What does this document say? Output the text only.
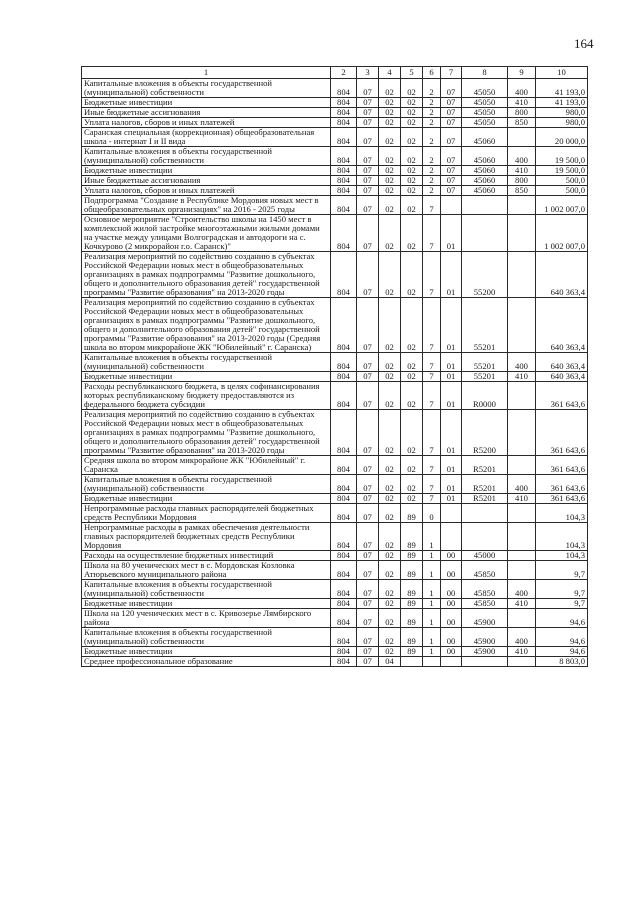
164
1	2	3	4	5	6	7	8	9	10
Капитальные вложения в объекты государственной (муниципальной) собственности	804	07	02	02	2	07	45050	400	41 193,0
Бюджетные инвестиции	804	07	02	02	2	07	45050	410	41 193,0
Иные бюджетные ассигнования	804	07	02	02	2	07	45050	800	980,0
Уплата налогов, сборов и иных платежей	804	07	02	02	2	07	45050	850	980,0
Саранская специальная (коррекционная) общеобразовательная школа - интернат I и II вида	804	07	02	02	2	07	45060		20 000,0
Капитальные вложения в объекты государственной (муниципальной) собственности	804	07	02	02	2	07	45060	400	19 500,0
Бюджетные инвестиции	804	07	02	02	2	07	45060	410	19 500,0
Иные бюджетные ассигнования	804	07	02	02	2	07	45060	800	500,0
Уплата налогов, сборов и иных платежей	804	07	02	02	2	07	45060	850	500,0
Подпрограмма "Создание в Республике Мордовия новых мест в общеобразовательных организациях" на 2016 - 2025 годы	804	07	02	02	7				1 002 007,0
Основное мероприятие "Строительство школы на 1450 мест в комплексной жилой застройке многоэтажными жилыми домами на участке между улицами Волгоградская и автодороги на с. Кочкурово (2 микрорайон г.о. Саранск)"	804	07	02	02	7	01			1 002 007,0
Реализация мероприятий по содействию созданию в субъектах Российской Федерации новых мест в общеобразовательных организациях в рамках подпрограммы "Развитие дошкольного, общего и дополнительного образования детей" государственной программы "Развитие образования" на 2013-2020 годы	804	07	02	02	7	01	55200		640 363,4
Реализация мероприятий по содействию созданию в субъектах Российской Федерации новых мест в общеобразовательных организациях в рамках подпрограммы "Развитие дошкольного, общего и дополнительного образования детей" государственной программы "Развитие образования" на 2013-2020 годы (Средняя школа во втором микрорайоне ЖК "Юбилейный" г. Саранска)	804	07	02	02	7	01	55201		640 363,4
Капитальные вложения в объекты государственной (муниципальной) собственности	804	07	02	02	7	01	55201	400	640 363,4
Бюджетные инвестиции	804	07	02	02	7	01	55201	410	640 363,4
Расходы республиканского бюджета, в целях софинансирования которых республиканскому бюджету предоставляются из федерального бюджета субсидии	804	07	02	02	7	01	R0000		361 643,6
Реализация мероприятий по содействию созданию в субъектах Российской Федерации новых мест в общеобразовательных организациях в рамках подпрограммы "Развитие дошкольного, общего и дополнительного образования детей" государственной программы "Развитие образования" на 2013-2020 годы	804	07	02	02	7	01	R5200		361 643,6
Средняя школа во втором микрорайоне ЖК "Юбилейный" г. Саранска	804	07	02	02	7	01	R5201		361 643,6
Капитальные вложения в объекты государственной (муниципальной) собственности	804	07	02	02	7	01	R5201	400	361 643,6
Бюджетные инвестиции	804	07	02	02	7	01	R5201	410	361 643,6
Непрограммные расходы главных распорядителей бюджетных средств Республики Мордовия	804	07	02	89	0				104,3
Непрограммные расходы в рамках обеспечения деятельности главных распорядителей бюджетных средств Республики Мордовия	804	07	02	89	1				104,3
Расходы на осуществление бюджетных инвестиций	804	07	02	89	1	00	45000		104,3
Школа на 80 ученических мест в с. Мордовская Козловка Атюрьевского муниципального района	804	07	02	89	1	00	45850		9,7
Капитальные вложения в объекты государственной (муниципальной) собственности	804	07	02	89	1	00	45850	400	9,7
Бюджетные инвестиции	804	07	02	89	1	00	45850	410	9,7
Школа на 120 ученических мест в с. Кривозерье Лямбирского района	804	07	02	89	1	00	45900		94,6
Капитальные вложения в объекты государственной (муниципальной) собственности	804	07	02	89	1	00	45900	400	94,6
Бюджетные инвестиции	804	07	02	89	1	00	45900	410	94,6
Среднее профессиональное образование	804	07	04						8 803,0
